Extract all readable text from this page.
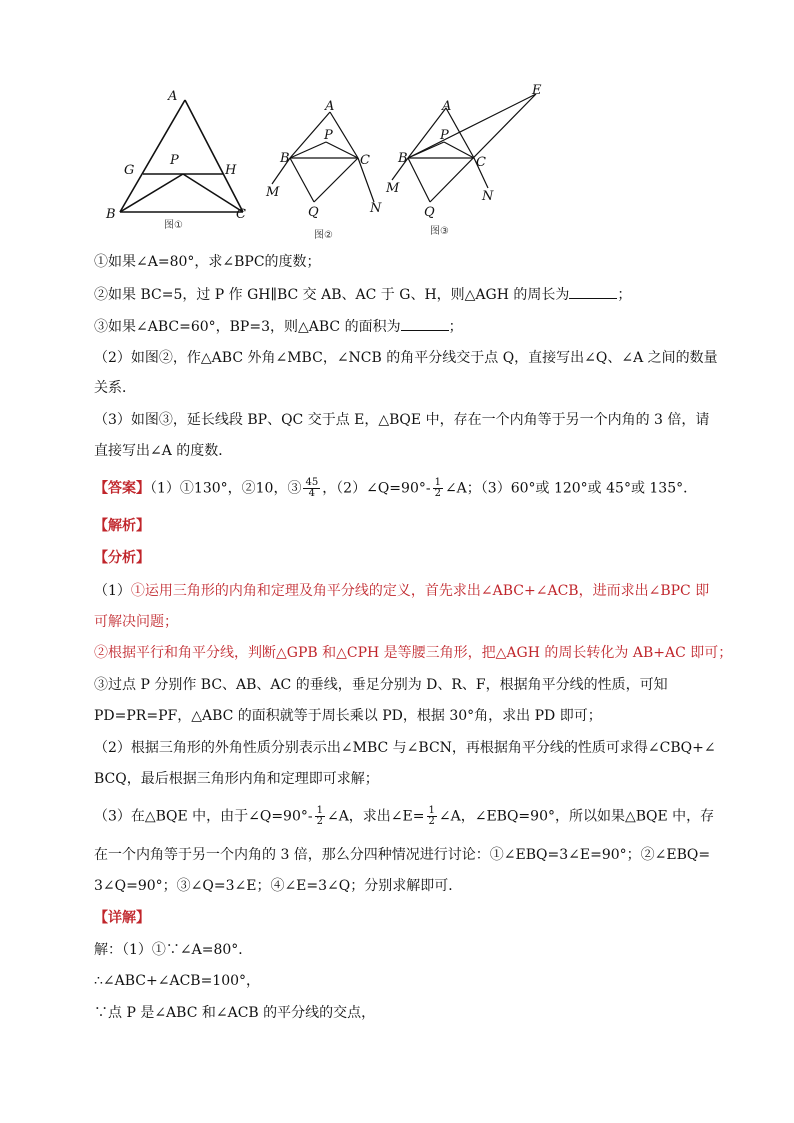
A
G	H
P
B	C
图①
A
P
B	C
M
N
Q
图②
E
A
P
B	C
M
N
Q
图③
①如果∠A=80°，求∠BPC的度数；
②如果 BC=5，过 P 作 GH∥BC 交 AB、AC 于 G、H，则△AGH 的周长为	；
③如果∠ABC=60°，BP=3，则△ABC 的面积为	；
（2）如图②，作△ABC 外角∠MBC，∠NCB 的角平分线交于点 Q，直接写出∠Q、∠A 之间的数量
关系．
（3）如图③，延长线段 BP、QC 交于点 E，△BQE 中，存在一个内角等于另一个内角的 3 倍，请
直接写出∠A 的度数．
【答案】（1）①130°，②10，③ $\frac{45}{4}$ ，（2）∠Q=90°- $\frac{1}{2}$ ∠A；（3）60°或 120°或 45°或 135°．
【解析】
【分析】
（1）①运用三角形的内角和定理及角平分线的定义，首先求出∠ABC+∠ACB，进而求出∠BPC 即
可解决问题；
②根据平行和角平分线，判断△GPB 和△CPH 是等腰三角形，把△AGH 的周长转化为 AB+AC 即可；
③过点 P 分别作 BC、AB、AC 的垂线，垂足分别为 D、R、F，根据角平分线的性质，可知
PD=PR=PF，△ABC 的面积就等于周长乘以 PD，根据 30°角，求出 PD 即可；
（2）根据三角形的外角性质分别表示出∠MBC 与∠BCN，再根据角平分线的性质可求得∠CBQ+∠
BCQ，最后根据三角形内角和定理即可求解；
（3）在△BQE 中，由于∠Q=90°- $\frac{1}{2}$ ∠A，求出∠E= $\frac{1}{2}$ ∠A，∠EBQ=90°，所以如果△BQE 中，存
在一个内角等于另一个内角的 3 倍，那么分四种情况进行讨论：①∠EBQ=3∠E=90°；②∠EBQ=
3∠Q=90°；③∠Q=3∠E；④∠E=3∠Q；分别求解即可．
【详解】
解：（1）①∵∠A=80°．
∴∠ABC+∠ACB=100°，
∵点 P 是∠ABC 和∠ACB 的平分线的交点，
